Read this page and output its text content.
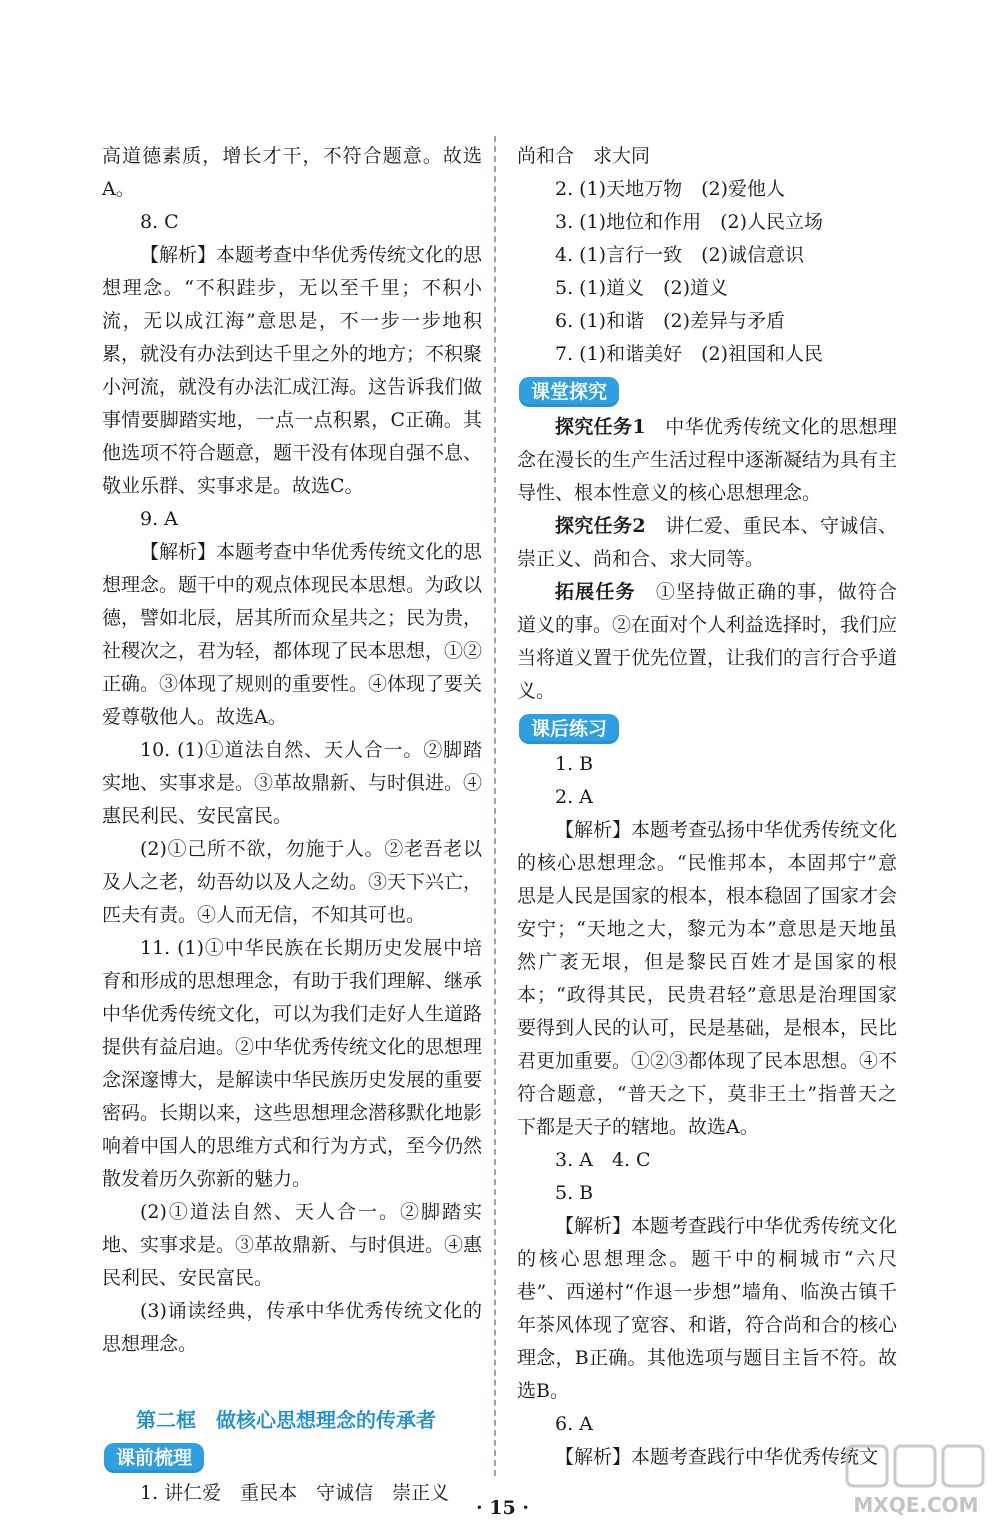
高道德素质，增长才干，不符合题意。故选A。

8. C

【解析】本题考查中华优秀传统文化的思想理念。“不积跬步，无以至千里；不积小流，无以成江海”意思是，不一步一步地积累，就没有办法到达千里之外的地方；不积聚小河流，就没有办法汇成江海。这告诉我们做事情要脚踏实地，一点一点积累，C正确。其他选项不符合题意，题干没有体现自强不息、敬业乐群、实事求是。故选C。

9. A

【解析】本题考查中华优秀传统文化的思想理念。题干中的观点体现民本思想。为政以德，譬如北辰，居其所而众星共之；民为贵，社稷次之，君为轻，都体现了民本思想，①②正确。③体现了规则的重要性。④体现了要关爱尊敬他人。故选A。

10. (1)①道法自然、天人合一。②脚踏实地、实事求是。③革故鼎新、与时俱进。④惠民利民、安民富民。

(2)①己所不欲，勿施于人。②老吾老以及人之老，幼吾幼以及人之幼。③天下兴亡，匹夫有责。④人而无信，不知其可也。

11. (1)①中华民族在长期历史发展中培育和形成的思想理念，有助于我们理解、继承中华优秀传统文化，可以为我们走好人生道路提供有益启迪。②中华优秀传统文化的思想理念深邃博大，是解读中华民族历史发展的重要密码。长期以来，这些思想理念潜移默化地影响着中国人的思维方式和行为方式，至今仍然散发着历久弥新的魅力。

(2)①道法自然、天人合一。②脚踏实地、实事求是。③革故鼎新、与时俱进。④惠民利民、安民富民。

(3)诵读经典，传承中华优秀传统文化的思想理念。

第二框　做核心思想理念的传承者
课前梳理

1. 讲仁爱　重民本　守诚信　崇正义

尚和合　求大同

2. (1)天地万物　(2)爱他人

3. (1)地位和作用　(2)人民立场

4. (1)言行一致　(2)诚信意识

5. (1)道义　(2)道义

6. (1)和谐　(2)差异与矛盾

7. (1)和谐美好　(2)祖国和人民

课堂探究

探究任务1　中华优秀传统文化的思想理念在漫长的生产生活过程中逐渐凝结为具有主导性、根本性意义的核心思想理念。

探究任务2　讲仁爱、重民本、守诚信、崇正义、尚和合、求大同等。

拓展任务　①坚持做正确的事，做符合道义的事。②在面对个人利益选择时，我们应当将道义置于优先位置，让我们的言行合乎道义。

课后练习

1. B

2. A

【解析】本题考查弘扬中华优秀传统文化的核心思想理念。“民惟邦本，本固邦宁”意思是人民是国家的根本，根本稳固了国家才会安宁；“天地之大，黎元为本”意思是天地虽然广袤无垠，但是黎民百姓才是国家的根本；“政得其民，民贵君轻”意思是治理国家要得到人民的认可，民是基础，是根本，民比君更加重要。①②③都体现了民本思想。④不符合题意，“普天之下，莫非王土”指普天之下都是天子的辖地。故选A。

3. A　4. C

5. B

【解析】本题考查践行中华优秀传统文化的核心思想理念。题干中的桐城市“六尺巷”、西递村“作退一步想”墙角、临涣古镇千年茶风体现了宽容、和谐，符合尚和合的核心理念，B正确。其他选项与题目主旨不符。故选B。

6. A

【解析】本题考查践行中华优秀传统文

· 15 ·	MXQE.COM
